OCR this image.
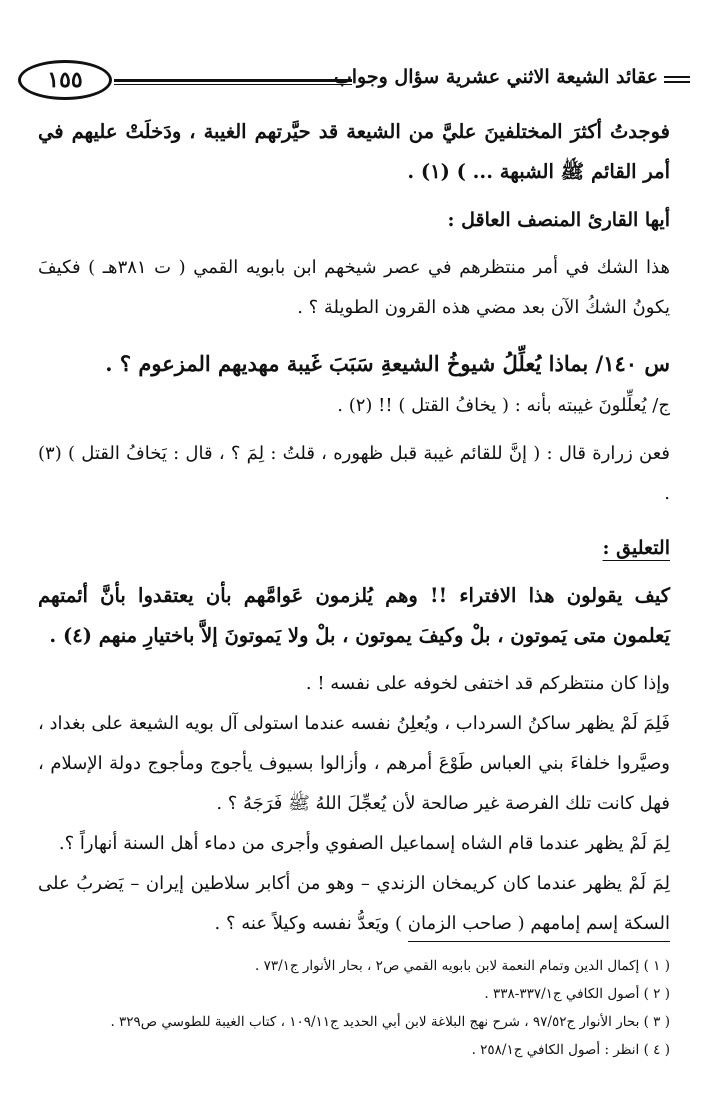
١٥٥	عقائد الشيعة الاثني عشرية سؤال وجواب

فوجدتُ أكثرَ المختلفينَ عليَّ من الشيعة قد حيَّرتهم الغيبة ، ودَخلَتْ عليهم في أمر القائم ﷺ الشبهة ... ) (١) .

أيها القارئ المنصف العاقل :

هذا الشك في أمر منتظرهم في عصر شيخهم ابن بابويه القمي ( ت ٣٨١هـ ) فكيفَ يكونُ الشكُ الآن بعد مضي هذه القرون الطويلة ؟ .

س ١٤٠/ بماذا يُعلِّلُ شيوخُ الشيعةِ سَبَبَ غَيبة مهديهم المزعوم ؟ .

ج/ يُعلِّلونَ غيبته بأنه : ( يخافُ القتل ) !! (٢) .

فعن زرارة قال : ( إنَّ للقائم غيبة قبل ظهوره ، قلتُ : لِمَ ؟ ، قال : يَخافُ القتل ) (٣) .

التعليق :

كيف يقولون هذا الافتراء !! وهم يُلزمون عَوامَّهم بأن يعتقدوا بأنَّ أئمتهم يَعلمون متى يَموتون ، بلْ وكيفَ يموتون ، بلْ ولا يَموتونَ إلاَّ باختيارِ منهم (٤) .

وإذا كان منتظركم قد اختفى لخوفه على نفسه ! .

فَلِمَ لَمْ يظهر ساكنُ السرداب ، ويُعلِنُ نفسه عندما استولى آل بويه الشيعة على بغداد ، وصيَّروا خلفاءَ بني العباس طَوْعَ أمرهم ، وأزالوا بسيوف يأجوج ومأجوج دولة الإسلام ، فهل كانت تلك الفرصة غير صالحة لأن يُعجِّلَ اللهُ ﷺ فَرَجَهُ ؟ .

لِمَ لَمْ يظهر عندما قام الشاه إسماعيل الصفوي وأجرى من دماء أهل السنة أنهاراً ؟.

لِمَ لَمْ يظهر عندما كان كريمخان الزندي – وهو من أكابر سلاطين إيران – يَضربُ على السكة إسم إمامهم ( صاحب الزمان ) ويَعدُّ نفسه وكيلاً عنه ؟ .

( ١ ) إكمال الدين وتمام النعمة لابن بابويه القمي ص٢ ، بحار الأنوار ج٧٣/١ .
( ٢ ) أصول الكافي ج٣٣٧/١-٣٣٨ .
( ٣ ) بحار الأنوار ج٩٧/٥٢ ، شرح نهج البلاغة لابن أبي الحديد ج١٠٩/١١ ، كتاب الغيبة للطوسي ص٣٢٩ .
( ٤ ) انظر : أصول الكافي ج٢٥٨/١ .
